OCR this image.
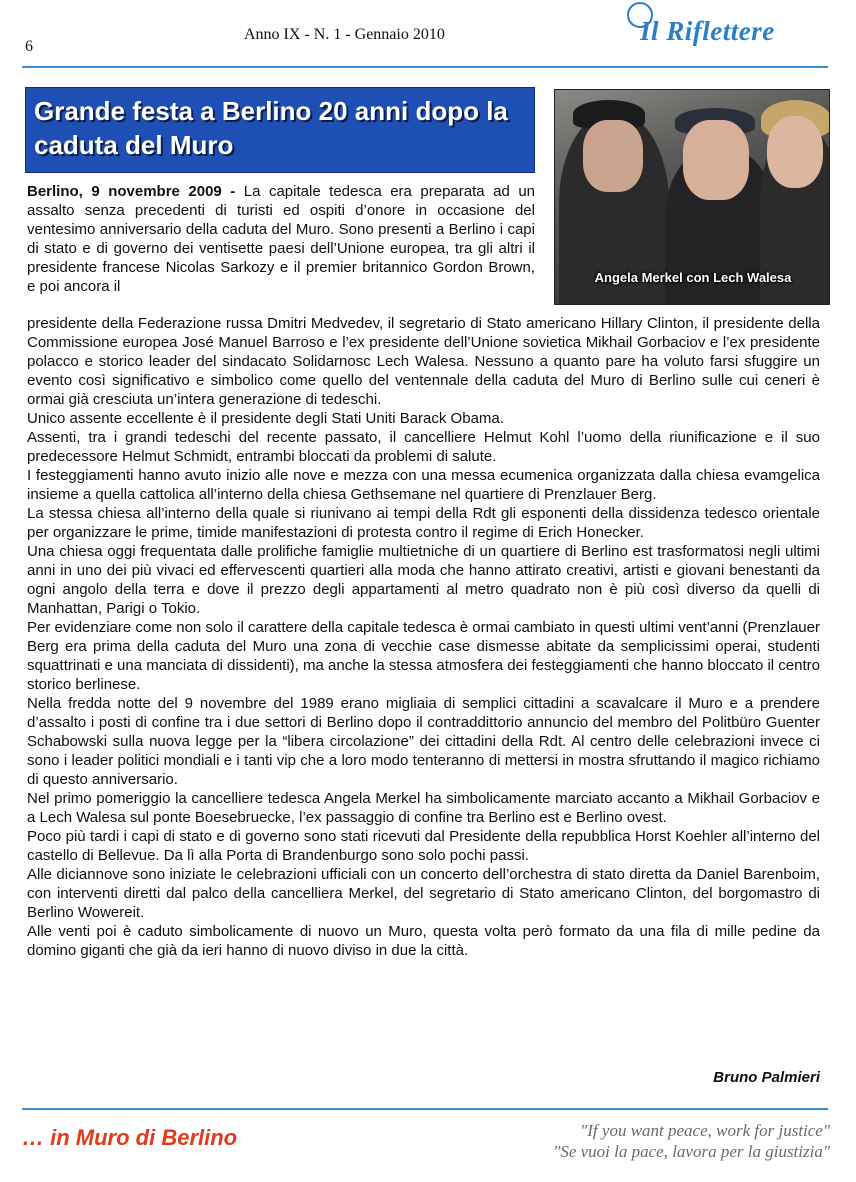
6
Anno IX - N. 1 - Gennaio 2010	Il Riflettere
Grande festa a Berlino 20 anni dopo la caduta del Muro
Angela Merkel con Lech Walesa
Berlino, 9 novembre 2009 - La capitale tedesca era preparata ad un assalto senza precedenti di turisti ed ospiti d’onore in occasione del ventesimo anniversario della caduta del Muro. Sono presenti a Berlino i capi di stato e di governo dei ventisette paesi dell’Unione europea, tra gli altri il presidente francese Nicolas Sarkozy e il premier britannico Gordon Brown, e poi ancora il

presidente della Federazione russa Dmitri Medvedev, il segretario di Stato americano Hillary Clinton, il presidente della Commissione europea José Manuel Barroso e l’ex presidente dell’Unione sovietica Mikhail Gorbaciov e l’ex presidente polacco e storico leader del sindacato Solidarnosc Lech Walesa. Nessuno a quanto pare ha voluto farsi sfuggire un evento così significativo e simbolico come quello del ventennale della caduta del Muro di Berlino sulle cui ceneri è ormai già cresciuta un’intera generazione di tedeschi.

Unico assente eccellente è il presidente degli Stati Uniti Barack Obama.

Assenti, tra i grandi tedeschi del recente passato, il cancelliere Helmut Kohl l’uomo della riunificazione e il suo predecessore Helmut Schmidt, entrambi bloccati da problemi di salute.

I festeggiamenti hanno avuto inizio alle nove e mezza con una messa ecumenica organizzata dalla chiesa evamgelica insieme a quella cattolica all’interno della chiesa Gethsemane nel quartiere di Prenzlauer Berg.

La stessa chiesa all’interno della quale si riunivano ai tempi della Rdt gli esponenti della dissidenza tedesco orientale per organizzare le prime, timide manifestazioni di protesta contro il regime di Erich Honecker.

Una chiesa oggi frequentata dalle prolifiche famiglie multietniche di un quartiere di Berlino est trasformatosi negli ultimi anni in uno dei più vivaci ed effervescenti quartieri alla moda che hanno attirato creativi, artisti e giovani benestanti da ogni angolo della terra e dove il prezzo degli appartamenti al metro quadrato non è più così diverso da quelli di Manhattan, Parigi o Tokio.

Per evidenziare come non solo il carattere della capitale tedesca è ormai cambiato in questi ultimi vent’anni (Prenzlauer Berg era prima della caduta del Muro una zona di vecchie case dismesse abitate da semplicissimi operai, studenti squattrinati e una manciata di dissidenti), ma anche la stessa atmosfera dei festeggiamenti che hanno bloccato il centro storico berlinese.

Nella fredda notte del 9 novembre del 1989 erano migliaia di semplici cittadini a scavalcare il Muro e a prendere d’assalto i posti di confine tra i due settori di Berlino dopo il contraddittorio annuncio del membro del Politbüro Guenter Schabowski sulla nuova legge per la “libera circolazione” dei cittadini della Rdt. Al centro delle celebrazioni invece ci sono i leader politici mondiali e i tanti vip che a loro modo tenteranno di mettersi in mostra sfruttando il magico richiamo di questo anniversario.

Nel primo pomeriggio la cancelliere tedesca Angela Merkel ha simbolicamente marciato accanto a Mikhail Gorbaciov e a Lech Walesa sul ponte Boesebruecke, l’ex passaggio di confine tra Berlino est e Berlino ovest.

Poco più tardi i capi di stato e di governo sono stati ricevuti dal Presidente della repubblica Horst Koehler all’interno del castello di Bellevue. Da lì alla Porta di Brandenburgo sono solo pochi passi.

Alle diciannove sono iniziate le celebrazioni ufficiali con un concerto dell’orchestra di stato diretta da Daniel Barenboim, con interventi diretti dal palco della cancelliera Merkel, del segretario di Stato americano Clinton, del borgomastro di Berlino Wowereit.

Alle venti poi è caduto simbolicamente di nuovo un Muro, questa volta però formato da una fila di mille pedine da domino giganti che già da ieri hanno di nuovo diviso in due la città.

Bruno Palmieri
… in Muro di Berlino	"If you want peace, work for justice"
"Se vuoi la pace, lavora per la giustizia"
